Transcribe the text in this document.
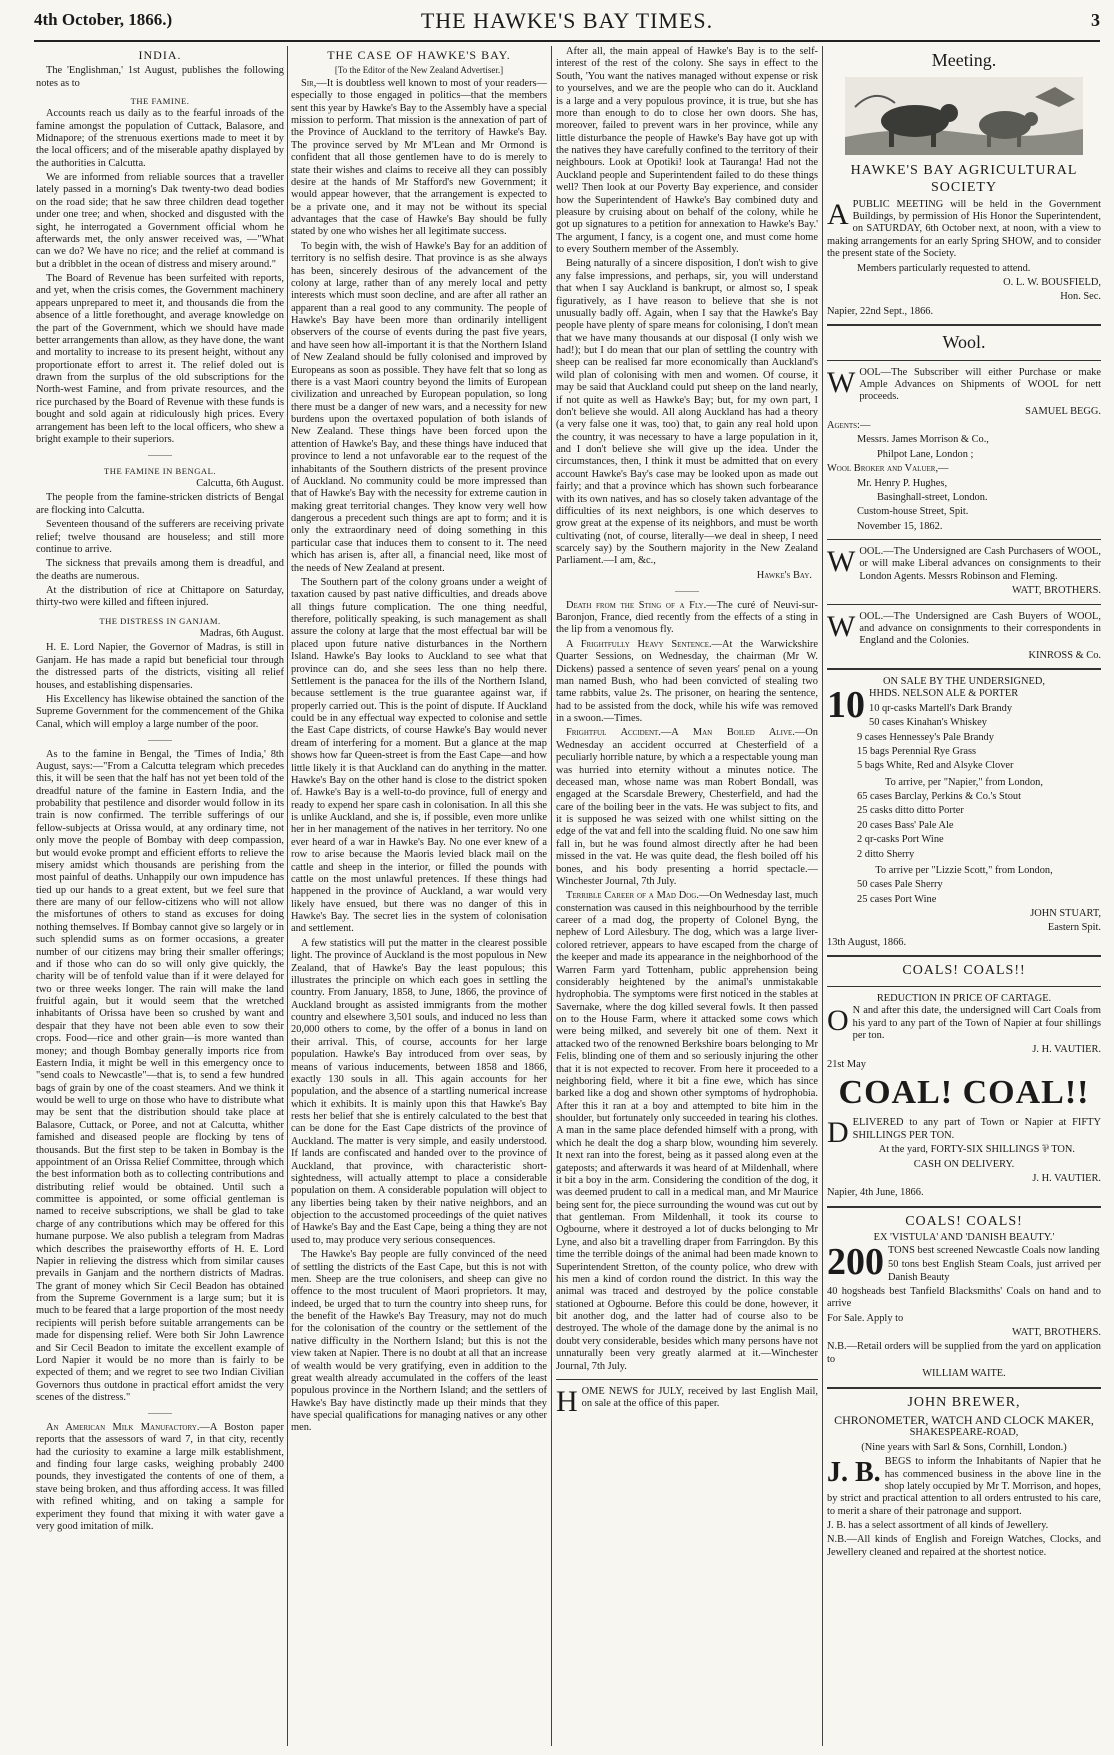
4th October, 1866.)	THE HAWKE'S BAY TIMES.	3
INDIA.

The 'Englishman,' 1st August, publishes the following notes as to

THE FAMINE.

Accounts reach us daily as to the fearful inroads of the famine amongst the population of Cuttack, Balasore, and Midnapore; of the strenuous exertions made to meet it by the local officers; and of the miserable apathy displayed by the authorities in Calcutta.

We are informed from reliable sources that a traveller lately passed in a morning's Dak twenty-two dead bodies on the road side; that he saw three children dead together under one tree; and when, shocked and disgusted with the sight, he interrogated a Government official whom he afterwards met, the only answer received was, —"What can we do? We have no rice; and the relief at command is but a dribblet in the ocean of distress and misery around."

The Board of Revenue has been surfeited with reports, and yet, when the crisis comes, the Government machinery appears unprepared to meet it, and thousands die from the absence of a little forethought, and average knowledge on the part of the Government, which we should have made better arrangements than allow, as they have done, the want and mortality to increase to its present height, without any proportionate effort to arrest it. The relief doled out is drawn from the surplus of the old subscriptions for the North-west Famine, and from private resources, and the rice purchased by the Board of Revenue with these funds is bought and sold again at ridiculously high prices. Every arrangement has been left to the local officers, who shew a bright example to their superiors.

———
THE FAMINE IN BENGAL.

Calcutta, 6th August.

The people from the famine-stricken districts of Bengal are flocking into Calcutta.

Seventeen thousand of the sufferers are receiving private relief; twelve thousand are houseless; and still more continue to arrive.

The sickness that prevails among them is dreadful, and the deaths are numerous.

At the distribution of rice at Chittapore on Saturday, thirty-two were killed and fifteen injured.

THE DISTRESS IN GANJAM.

Madras, 6th August.

H. E. Lord Napier, the Governor of Madras, is still in Ganjam. He has made a rapid but beneficial tour through the distressed parts of the districts, visiting all relief houses, and establishing dispensaries.

His Excellency has likewise obtained the sanction of the Supreme Government for the commencement of the Ghika Canal, which will employ a large number of the poor.

———

As to the famine in Bengal, the 'Times of India,' 8th August, says:—"From a Calcutta telegram which precedes this, it will be seen that the half has not yet been told of the dreadful nature of the famine in Eastern India, and the probability that pestilence and disorder would follow in its train is now confirmed. The terrible sufferings of our fellow-subjects at Orissa would, at any ordinary time, not only move the people of Bombay with deep compassion, but would evoke prompt and efficient efforts to relieve the misery amidst which thousands are perishing from the most painful of deaths. Unhappily our own impudence has tied up our hands to a great extent, but we feel sure that there are many of our fellow-citizens who will not allow the misfortunes of others to stand as excuses for doing nothing themselves. If Bombay cannot give so largely or in such splendid sums as on former occasions, a greater number of our citizens may bring their smaller offerings; and if those who can do so will only give quickly, the charity will be of tenfold value than if it were delayed for two or three weeks longer. The rain will make the land fruitful again, but it would seem that the wretched inhabitants of Orissa have been so crushed by want and despair that they have not been able even to sow their crops. Food—rice and other grain—is more wanted than money; and though Bombay generally imports rice from Eastern India, it might be well in this emergency once to "send coals to Newcastle"—that is, to send a few hundred bags of grain by one of the coast steamers. And we think it would be well to urge on those who have to distribute what may be sent that the distribution should take place at Balasore, Cuttack, or Poree, and not at Calcutta, whither famished and diseased people are flocking by tens of thousands. But the first step to be taken in Bombay is the appointment of an Orissa Relief Committee, through which the best information both as to collecting contributions and distributing relief would be obtained. Until such a committee is appointed, or some official gentleman is named to receive subscriptions, we shall be glad to take charge of any contributions which may be offered for this humane purpose. We also publish a telegram from Madras which describes the praiseworthy efforts of H. E. Lord Napier in relieving the distress which from similar causes prevails in Ganjam and the northern districts of Madras. The grant of money which Sir Cecil Beadon has obtained from the Supreme Government is a large sum; but it is much to be feared that a large proportion of the most needy recipients will perish before suitable arrangements can be made for dispensing relief. Were both Sir John Lawrence and Sir Cecil Beadon to imitate the excellent example of Lord Napier it would be no more than is fairly to be expected of them; and we regret to see two Indian Civilian Governors thus outdone in practical effort amidst the very scenes of the distress."

———

An American Milk Manufactory.—A Boston paper reports that the assessors of ward 7, in that city, recently had the curiosity to examine a large milk establishment, and finding four large casks, weighing probably 2400 pounds, they investigated the contents of one of them, a stave being broken, and thus affording access. It was filled with refined whiting, and on taking a sample for experiment they found that mixing it with water gave a very good imitation of milk.

THE CASE OF HAWKE'S BAY.

[To the Editor of the New Zealand Advertiser.]

Sir,—It is doubtless well known to most of your readers—especially to those engaged in politics—that the members sent this year by Hawke's Bay to the Assembly have a special mission to perform. That mission is the annexation of part of the Province of Auckland to the territory of Hawke's Bay. The province served by Mr M'Lean and Mr Ormond is confident that all those gentlemen have to do is merely to state their wishes and claims to receive all they can possibly desire at the hands of Mr Stafford's new Government; it would appear however, that the arrangement is expected to be a private one, and it may not be without its special advantages that the case of Hawke's Bay should be fully stated by one who wishes her all legitimate success.

To begin with, the wish of Hawke's Bay for an addition of territory is no selfish desire. That province is as she always has been, sincerely desirous of the advancement of the colony at large, rather than of any merely local and petty interests which must soon decline, and are after all rather an apparent than a real good to any community. The people of Hawke's Bay have been more than ordinarily intelligent observers of the course of events during the past five years, and have seen how all-important it is that the Northern Island of New Zealand should be fully colonised and improved by Europeans as soon as possible. They have felt that so long as there is a vast Maori country beyond the limits of European civilization and unreached by European population, so long there must be a danger of new wars, and a necessity for new burdens upon the overtaxed population of both islands of New Zealand. These things have been forced upon the attention of Hawke's Bay, and these things have induced that province to lend a not unfavorable ear to the request of the inhabitants of the Southern districts of the present province of Auckland. No community could be more impressed than that of Hawke's Bay with the necessity for extreme caution in making great territorial changes. They know very well how dangerous a precedent such things are apt to form; and it is only the extraordinary need of doing something in this particular case that induces them to consent to it. The need which has arisen is, after all, a financial need, like most of the needs of New Zealand at present.

The Southern part of the colony groans under a weight of taxation caused by past native difficulties, and dreads above all things future complication. The one thing needful, therefore, politically speaking, is such management as shall assure the colony at large that the most effectual bar will be placed upon future native disturbances in the Northern Island. Hawke's Bay looks to Auckland to see what that province can do, and she sees less than no help there. Settlement is the panacea for the ills of the Northern Island, because settlement is the true guarantee against war, if properly carried out. This is the point of dispute. If Auckland could be in any effectual way expected to colonise and settle the East Cape districts, of course Hawke's Bay would never dream of interfering for a moment. But a glance at the map shows how far Queen-street is from the East Cape—and how little likely it is that Auckland can do anything in the matter. Hawke's Bay on the other hand is close to the district spoken of. Hawke's Bay is a well-to-do province, full of energy and ready to expend her spare cash in colonisation. In all this she is unlike Auckland, and she is, if possible, even more unlike her in her management of the natives in her territory. No one ever heard of a war in Hawke's Bay. No one ever knew of a row to arise because the Maoris levied black mail on the cattle and sheep in the interior, or filled the pounds with cattle on the most unlawful pretences. If these things had happened in the province of Auckland, a war would very likely have ensued, but there was no danger of this in Hawke's Bay. The secret lies in the system of colonisation and settlement.

A few statistics will put the matter in the clearest possible light. The province of Auckland is the most populous in New Zealand, that of Hawke's Bay the least populous; this illustrates the principle on which each goes in settling the country. From January, 1858, to June, 1866, the province of Auckland brought as assisted immigrants from the mother country and elsewhere 3,501 souls, and induced no less than 20,000 others to come, by the offer of a bonus in land on their arrival. This, of course, accounts for her large population. Hawke's Bay introduced from over seas, by means of various inducements, between 1858 and 1866, exactly 130 souls in all. This again accounts for her population, and the absence of a startling numerical increase which it exhibits. It is mainly upon this that Hawke's Bay rests her belief that she is entirely calculated to the best that can be done for the East Cape districts of the province of Auckland. The matter is very simple, and easily understood. If lands are confiscated and handed over to the province of Auckland, that province, with characteristic short-sightedness, will actually attempt to place a considerable population on them. A considerable population will object to any liberties being taken by their native neighbors, and an objection to the accustomed proceedings of the quiet natives of Hawke's Bay and the East Cape, being a thing they are not used to, may produce very serious consequences.

The Hawke's Bay people are fully convinced of the need of settling the districts of the East Cape, but this is not with men. Sheep are the true colonisers, and sheep can give no offence to the most truculent of Maori proprietors. It may, indeed, be urged that to turn the country into sheep runs, for the benefit of the Hawke's Bay Treasury, may not do much for the colonisation of the country or the settlement of the native difficulty in the Northern Island; but this is not the view taken at Napier. There is no doubt at all that an increase of wealth would be very gratifying, even in addition to the great wealth already accumulated in the coffers of the least populous province in the Northern Island; and the settlers of Hawke's Bay have distinctly made up their minds that they have special qualifications for managing natives or any other men.

After all, the main appeal of Hawke's Bay is to the self-interest of the rest of the colony. She says in effect to the South, 'You want the natives managed without expense or risk to yourselves, and we are the people who can do it. Auckland is a large and a very populous province, it is true, but she has more than enough to do to close her own doors. She has, moreover, failed to prevent wars in her province, while any little disturbance the people of Hawke's Bay have got up with the natives they have carefully confined to the territory of their neighbours. Look at Opotiki! look at Tauranga! Had not the Auckland people and Superintendent failed to do these things well? Then look at our Poverty Bay experience, and consider how the Superintendent of Hawke's Bay combined duty and pleasure by cruising about on behalf of the colony, while he got up signatures to a petition for annexation to Hawke's Bay.' The argument, I fancy, is a cogent one, and must come home to every Southern member of the Assembly.

Being naturally of a sincere disposition, I don't wish to give any false impressions, and perhaps, sir, you will understand that when I say Auckland is bankrupt, or almost so, I speak figuratively, as I have reason to believe that she is not unusually badly off. Again, when I say that the Hawke's Bay people have plenty of spare means for colonising, I don't mean that we have many thousands at our disposal (I only wish we had!); but I do mean that our plan of settling the country with sheep can be realised far more economically than Auckland's wild plan of colonising with men and women. Of course, it may be said that Auckland could put sheep on the land nearly, if not quite as well as Hawke's Bay; but, for my own part, I don't believe she would. All along Auckland has had a theory (a very false one it was, too) that, to gain any real hold upon the country, it was necessary to have a large population in it, and I don't believe she will give up the idea. Under the circumstances, then, I think it must be admitted that on every account Hawke's Bay's case may be looked upon as made out fairly; and that a province which has shown such forbearance with its own natives, and has so closely taken advantage of the difficulties of its next neighbors, is one which deserves to grow great at the expense of its neighbors, and must be worth cultivating (not, of course, literally—we deal in sheep, I need scarcely say) by the Southern majority in the New Zealand Parliament.—I am, &c.,

Hawke's Bay.

———

Death from the Sting of a Fly.—The curé of Neuvi-sur-Baronjon, France, died recently from the effects of a sting in the lip from a venomous fly.

A Frightfully Heavy Sentence.—At the Warwickshire Quarter Sessions, on Wednesday, the chairman (Mr W. Dickens) passed a sentence of seven years' penal on a young man named Bush, who had been convicted of stealing two tame rabbits, value 2s. The prisoner, on hearing the sentence, had to be assisted from the dock, while his wife was removed in a swoon.—Times.

Frightful Accident.—A Man Boiled Alive.—On Wednesday an accident occurred at Chesterfield of a peculiarly horrible nature, by which a a respectable young man was hurried into eternity without a minutes notice. The deceased man, whose name was man Robert Bondall, was engaged at the Scarsdale Brewery, Chesterfield, and had the care of the boiling beer in the vats. He was subject to fits, and it is supposed he was seized with one whilst sitting on the edge of the vat and fell into the scalding fluid. No one saw him fall in, but he was found almost directly after he had been missed in the vat. He was quite dead, the flesh boiled off his bones, and his body presenting a horrid spectacle.—Winchester Journal, 7th July.

Terrible Career of a Mad Dog.—On Wednesday last, much consternation was caused in this neighbourhood by the terrible career of a mad dog, the property of Colonel Byng, the nephew of Lord Ailesbury. The dog, which was a large liver-colored retriever, appears to have escaped from the charge of the keeper and made its appearance in the neighborhood of the Warren Farm yard Tottenham, public apprehension being considerably heightened by the animal's unmistakable hydrophobia. The symptoms were first noticed in the stables at Savernake, where the dog killed several fowls. It then passed on to the House Farm, where it attacked some cows which were being milked, and severely bit one of them. Next it attacked two of the renowned Berkshire boars belonging to Mr Felis, blinding one of them and so seriously injuring the other that it is not expected to recover. From here it proceeded to a neighboring field, where it bit a fine ewe, which has since barked like a dog and shown other symptoms of hydrophobia. After this it ran at a boy and attempted to bite him in the shoulder, but fortunately only succeeded in tearing his clothes. A man in the same place defended himself with a prong, with which he dealt the dog a sharp blow, wounding him severely. It next ran into the forest, being as it passed along even at the gateposts; and afterwards it was heard of at Mildenhall, where it bit a boy in the arm. Considering the condition of the dog, it was deemed prudent to call in a medical man, and Mr Maurice being sent for, the piece surrounding the wound was cut out by that gentleman. From Mildenhall, it took its course to Ogbourne, where it destroyed a lot of ducks belonging to Mr Lyne, and also bit a travelling draper from Farringdon. By this time the terrible doings of the animal had been made known to Superintendent Stretton, of the county police, who drew with his men a kind of cordon round the district. In this way the animal was traced and destroyed by the police constable stationed at Ogbourne. Before this could be done, however, it bit another dog, and the latter had of course also to be destroyed. The whole of the damage done by the animal is no doubt very considerable, besides which many persons have not unnaturally been very greatly alarmed at it.—Winchester Journal, 7th July.

HOME NEWS for JULY, received by last English Mail, on sale at the office of this paper.

Meeting.
HAWKE'S BAY AGRICULTURAL SOCIETY

APUBLIC MEETING will be held in the Government Buildings, by permission of His Honor the Superintendent, on SATURDAY, 6th October next, at noon, with a view to making arrangements for an early Spring SHOW, and to consider the present state of the Society.

Members particularly requested to attend.

O. L. W. BOUSFIELD,

Hon. Sec.

Napier, 22nd Sept., 1866.

Wool.

WOOL—The Subscriber will either Purchase or make Ample Advances on Shipments of WOOL for nett proceeds.

SAMUEL BEGG.

Agents:—

Messrs. James Morrison & Co.,

Philpot Lane, London ;

Wool Broker and Valuer,—

Mr. Henry P. Hughes,

Basinghall-street, London.

Custom-house Street, Spit.

November 15, 1862.

WOOL.—The Undersigned are Cash Purchasers of WOOL, or will make Liberal advances on consignments to their London Agents. Messrs Robinson and Fleming.

WATT, BROTHERS.

WOOL.—The Undersigned are Cash Buyers of WOOL, and advance on consignments to their correspondents in England and the Colonies.

KINROSS & Co.

ON SALE BY THE UNDERSIGNED,

10 HHDS. NELSON ALE & PORTER

10 qr-casks Martell's Dark Brandy

50 cases Kinahan's Whiskey

9 cases Hennessey's Pale Brandy

15 bags Perennial Rye Grass

5 bags White, Red and Alsyke Clover

To arrive, per "Napier," from London,

65 cases Barclay, Perkins & Co.'s Stout

25 casks ditto ditto Porter

20 cases Bass' Pale Ale

2 qr-casks Port Wine

2 ditto Sherry

To arrive per "Lizzie Scott," from London,

50 cases Pale Sherry

25 cases Port Wine

JOHN STUART,

Eastern Spit.

13th August, 1866.

COALS! COALS!!
REDUCTION IN PRICE OF CARTAGE.

O N and after this date, the undersigned will Cart Coals from his yard to any part of the Town of Napier at four shillings per ton.

J. H. VAUTIER.

21st May

COAL! COAL!!

DELIVERED to any part of Town or Napier at FIFTY SHILLINGS PER TON.

At the yard, FORTY-SIX SHILLINGS ⅌ TON.

CASH ON DELIVERY.

J. H. VAUTIER.

Napier, 4th June, 1866.

COALS! COALS!
EX 'VISTULA' AND 'DANISH BEAUTY.'

200 TONS best screened Newcastle Coals now landing

50 tons best English Steam Coals, just arrived per Danish Beauty

40 hogsheads best Tanfield Blacksmiths' Coals on hand and to arrive

For Sale. Apply to

WATT, BROTHERS.

N.B.—Retail orders will be supplied from the yard on application to

WILLIAM WAITE.

JOHN BREWER,
CHRONOMETER, WATCH AND CLOCK MAKER,

SHAKESPEARE-ROAD,

(Nine years with Sarl & Sons, Cornhill, London.)

J. B. BEGS to inform the Inhabitants of Napier that he has commenced business in the above line in the shop lately occupied by Mr T. Morrison, and hopes, by strict and practical attention to all orders entrusted to his care, to merit a share of their patronage and support.

J. B. has a select assortment of all kinds of Jewellery.

N.B.—All kinds of English and Foreign Watches, Clocks, and Jewellery cleaned and repaired at the shortest notice.
